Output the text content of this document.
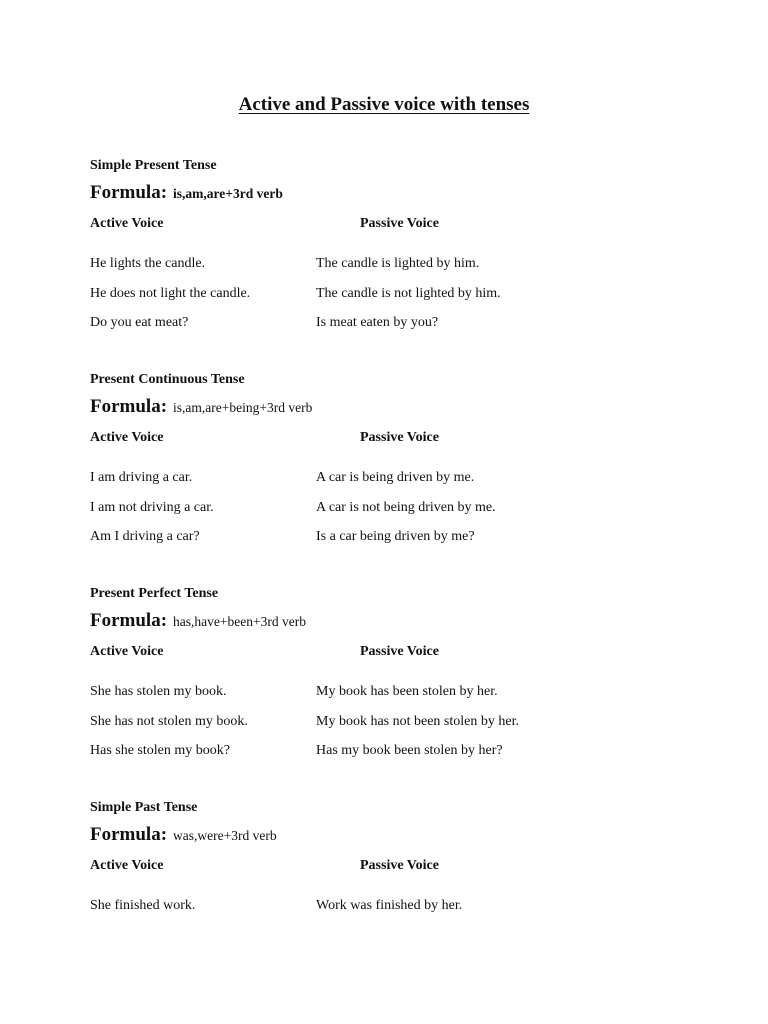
Active and Passive voice with tenses
Simple Present Tense
Formula: is,am,are+3rd verb
Active Voice	Passive Voice
He lights the candle.	The candle is lighted by him.
He does not light the candle.	The candle is not lighted by him.
Do you eat meat?	Is meat eaten by you?
Present Continuous Tense
Formula: is,am,are+being+3rd verb
Active Voice	Passive Voice
I am driving a car.	A car is being driven by me.
I am not driving a car.	A car is not being driven by me.
Am I driving a car?	Is a car being driven by me?
Present Perfect Tense
Formula: has,have+been+3rd verb
Active Voice	Passive Voice
She has stolen my book.	My book has been stolen by her.
She has not stolen my book.	My book has not been stolen by her.
Has she stolen my book?	Has my book been stolen by her?
Simple Past Tense
Formula: was,were+3rd verb
Active Voice	Passive Voice
She finished work.	Work was finished by her.
